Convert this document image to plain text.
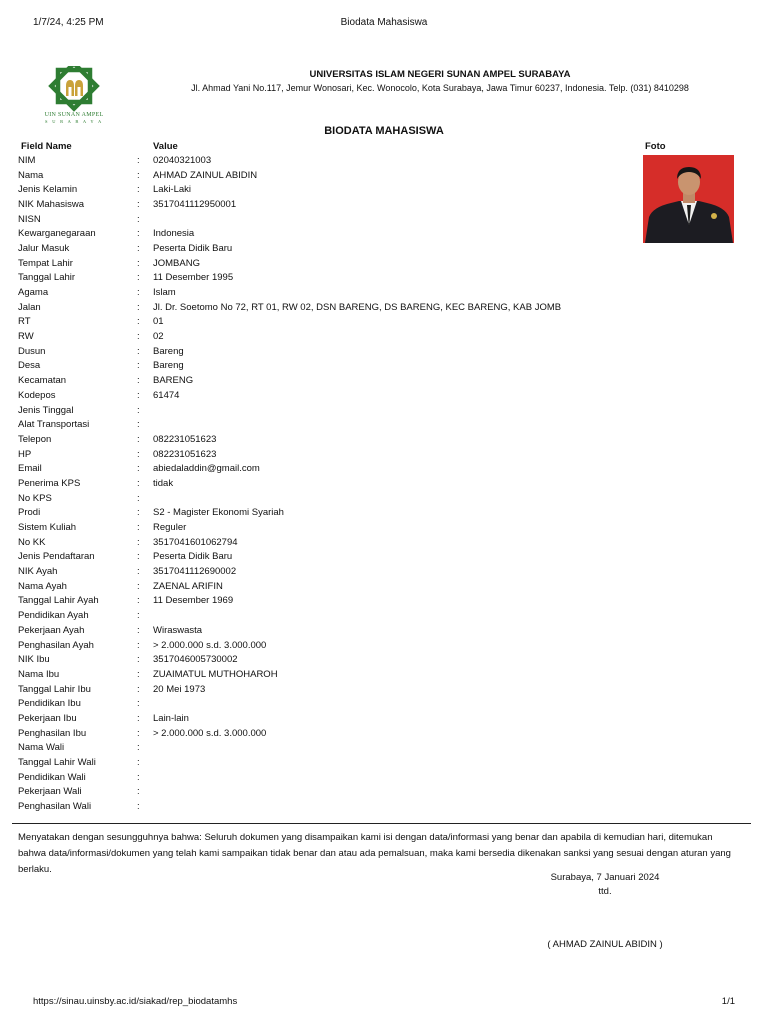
1/7/24, 4:25 PM	Biodata Mahasiswa
UIN SUNAN AMPEL
S U R A B A Y A
UNIVERSITAS ISLAM NEGERI SUNAN AMPEL SURABAYA
Jl. Ahmad Yani No.117, Jemur Wonosari, Kec. Wonocolo, Kota Surabaya, Jawa Timur 60237, Indonesia. Telp. (031) 8410298
BIODATA MAHASISWA
Field Name	Value	Foto
NIM	:	02040321003
Nama	:	AHMAD ZAINUL ABIDIN
Jenis Kelamin	:	Laki-Laki
NIK Mahasiswa	:	3517041112950001
NISN	:
Kewarganegaraan	:	Indonesia
Jalur Masuk	:	Peserta Didik Baru
Tempat Lahir	:	JOMBANG
Tanggal Lahir	:	11 Desember 1995
Agama	:	Islam
Jalan	:	Jl. Dr. Soetomo No 72, RT 01, RW 02, DSN BARENG, DS BARENG, KEC BARENG, KAB JOMB
RT	:	01
RW	:	02
Dusun	:	Bareng
Desa	:	Bareng
Kecamatan	:	BARENG
Kodepos	:	61474
Jenis Tinggal	:
Alat Transportasi	:
Telepon	:	082231051623
HP	:	082231051623
Email	:	abiedaladdin@gmail.com
Penerima KPS	:	tidak
No KPS	:
Prodi	:	S2 - Magister Ekonomi Syariah
Sistem Kuliah	:	Reguler
No KK	:	3517041601062794
Jenis Pendaftaran	:	Peserta Didik Baru
NIK Ayah	:	3517041112690002
Nama Ayah	:	ZAENAL ARIFIN
Tanggal Lahir Ayah	:	11 Desember 1969
Pendidikan Ayah	:
Pekerjaan Ayah	:	Wiraswasta
Penghasilan Ayah	:	> 2.000.000 s.d. 3.000.000
NIK Ibu	:	3517046005730002
Nama Ibu	:	ZUAIMATUL MUTHOHAROH
Tanggal Lahir Ibu	:	20 Mei 1973
Pendidikan Ibu	:
Pekerjaan Ibu	:	Lain-lain
Penghasilan Ibu	:	> 2.000.000 s.d. 3.000.000
Nama Wali	:
Tanggal Lahir Wali	:
Pendidikan Wali	:
Pekerjaan Wali	:
Penghasilan Wali	:
Menyatakan dengan sesungguhnya bahwa: Seluruh dokumen yang disampaikan kami isi dengan data/informasi yang benar dan apabila di kemudian hari, ditemukan bahwa data/informasi/dokumen yang telah kami sampaikan tidak benar dan atau ada pemalsuan, maka kami bersedia dikenakan sanksi yang sesuai dengan aturan yang berlaku.
Surabaya, 7 Januari 2024
ttd.
( AHMAD ZAINUL ABIDIN )
https://sinau.uinsby.ac.id/siakad/rep_biodatamhs	1/1
